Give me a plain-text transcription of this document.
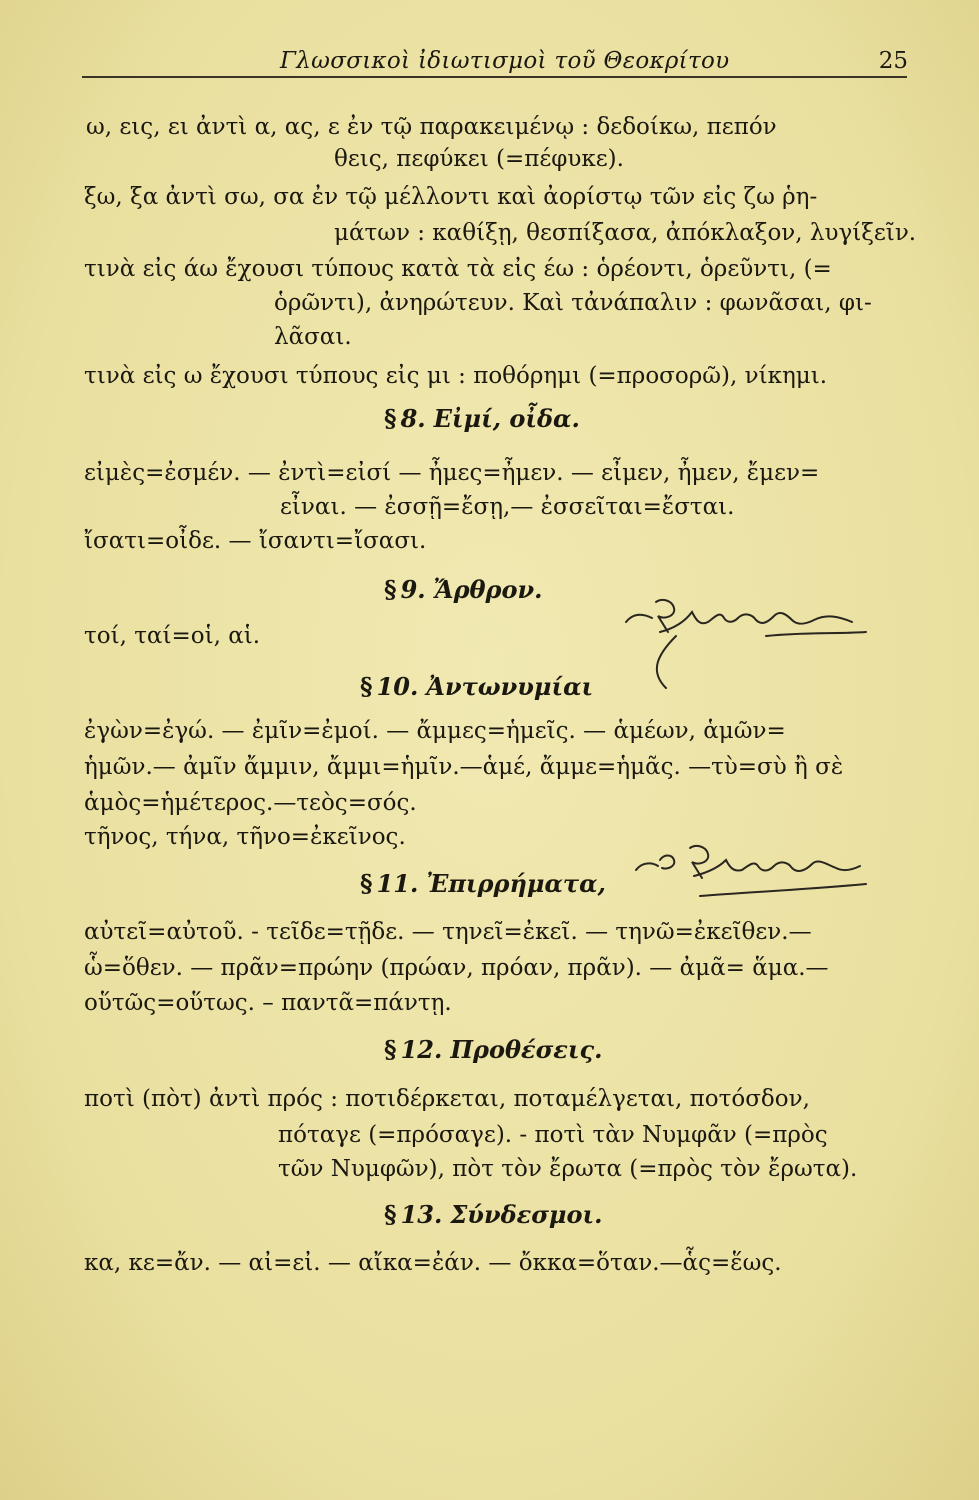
Γλωσσικοὶ ἰδιωτισμοὶ τοῦ Θεοκρίτου	25
ω, εις, ει ἀντὶ α, ας, ε ἐν τῷ παρακειμένῳ : δεδοίκω, πεπόν
θεις, πεφύκει (=πέφυκε).
ξω, ξα ἀντὶ σω, σα ἐν τῷ μέλλοντι καὶ ἀορίστῳ τῶν εἰς ζω ῥη-
μάτων : καθίξῃ, θεσπίξασα, ἀπόκλαξον, λυγίξεῖν.
τινὰ εἰς άω ἔχουσι τύπους κατὰ τὰ εἰς έω : ὁρέοντι, ὁρεῦντι, (=
ὁρῶντι), ἀνηρώτευν. Καὶ τἀνάπαλιν : φωνᾶσαι, φι-
λᾶσαι.
τινὰ εἰς ω ἔχουσι τύπους εἰς μι : ποθόρημι (=προσορῶ), νίκημι.
§ 8. Εἰμί, οἶδα.
εἰμὲς=ἐσμέν. — ἐντὶ=εἰσί — ἦμες=ἦμεν. — εἶμεν, ἦμεν, ἔμεν=
εἶναι. — ἐσσῇ=ἔσῃ,— ἐσσεῖται=ἔσται.
ἴσατι=οἶδε. — ἴσαντι=ἴσασι.
§ 9. Ἄρθρον.
τοί, ταί=οἱ, αἱ.
§ 10. Ἀντωνυμίαι
ἐγὼν=ἐγώ. — ἐμῖν=ἐμοί. — ἄμμες=ἡμεῖς. — ἁμέων, ἁμῶν=
ἡμῶν.— ἀμῖν ἄμμιν, ἄμμι=ἡμῖν.—ἁμέ, ἄμμε=ἡμᾶς. —τὺ=σὺ ἢ σὲ
ἁμὸς=ἡμέτερος.—τεὸς=σός.
τῆνος, τήνα, τῆνο=ἐκεῖνος.
§ 11. Ἐπιρρήματα,
αὐτεῖ=αὐτοῦ. - τεῖδε=τῇδε. — τηνεῖ=ἐκεῖ. — τηνῶ=ἐκεῖθεν.—
ὧ=ὅθεν. — πρᾶν=πρώην (πρώαν, πρόαν, πρᾶν). — ἀμᾶ= ἅμα.—
οὕτῶς=οὕτως. – παντᾶ=πάντῃ.
§ 12. Προθέσεις.
ποτὶ (πὸτ) ἀντὶ πρός : ποτιδέρκεται, ποταμέλγεται, ποτόσδον,
πόταγε (=πρόσαγε). - ποτὶ τὰν Νυμφᾶν (=πρὸς
τῶν Νυμφῶν), πὸτ τὸν ἔρωτα (=πρὸς τὸν ἔρωτα).
§ 13. Σύνδεσμοι.
κα, κε=ἄν. — αἰ=εἰ. — αἴκα=ἐάν. — ὄκκα=ὅταν.—ἇς=ἕως.
